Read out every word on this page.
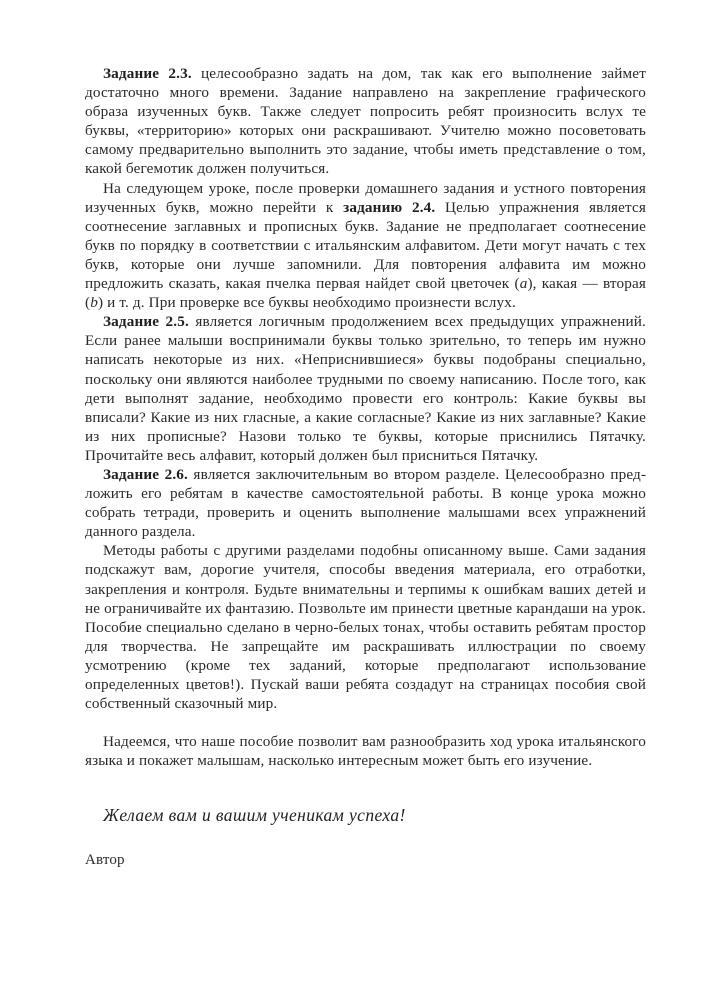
Задание 2.3. целесообразно задать на дом, так как его выполнение займет достаточно много времени. Задание направлено на закрепление графического образа изученных букв. Также следует попросить ребят произносить вслух те буквы, «территорию» которых они раскрашивают. Учителю можно посоветовать самому предварительно выполнить это задание, чтобы иметь представление о том, какой бегемотик должен получиться.

На следующем уроке, после проверки домашнего задания и устного повторения изученных букв, можно перейти к заданию 2.4. Целью упражнения является соотнесение заглавных и прописных букв. Задание не предполагает соотнесение букв по порядку в соответствии с итальянским алфавитом. Дети могут начать с тех букв, которые они лучше запомнили. Для повторения алфавита им можно предложить сказать, какая пчелка первая найдет свой цветочек (a), какая — вторая (b) и т. д. При проверке все буквы необходимо произнести вслух.

Задание 2.5. является логичным продолжением всех предыдущих упражнений. Если ранее малыши воспринимали буквы только зрительно, то теперь им нужно написать некоторые из них. «Неприснившиеся» буквы подобраны специально, поскольку они являются наиболее трудными по своему написанию. После того, как дети выполнят задание, необходимо провести его контроль: Какие буквы вы вписали? Какие из них гласные, а какие согласные? Какие из них заглавные? Какие из них прописные? Назови только те буквы, которые приснились Пятачку. Прочитайте весь алфавит, который должен был присниться Пятачку.

Задание 2.6. является заключительным во втором разделе. Целесообразно предложить его ребятам в качестве самостоятельной работы. В конце урока можно собрать тетради, проверить и оценить выполнение малышами всех упражнений данного раздела.

Методы работы с другими разделами подобны описанному выше. Сами задания подскажут вам, дорогие учителя, способы введения материала, его отработки, закрепления и контроля. Будьте внимательны и терпимы к ошибкам ваших детей и не ограничивайте их фантазию. Позвольте им принести цветные карандаши на урок. Пособие специально сделано в черно-белых тонах, чтобы оставить ребятам простор для творчества. Не запрещайте им раскрашивать иллюстрации по своему усмотрению (кроме тех заданий, которые предполагают использование определенных цветов!). Пускай ваши ребята создадут на страницах пособия свой собственный сказочный мир.

Надеемся, что наше пособие позволит вам разнообразить ход урока итальянского языка и покажет малышам, насколько интересным может быть его изучение.

Желаем вам и вашим ученикам успеха!

Автор
